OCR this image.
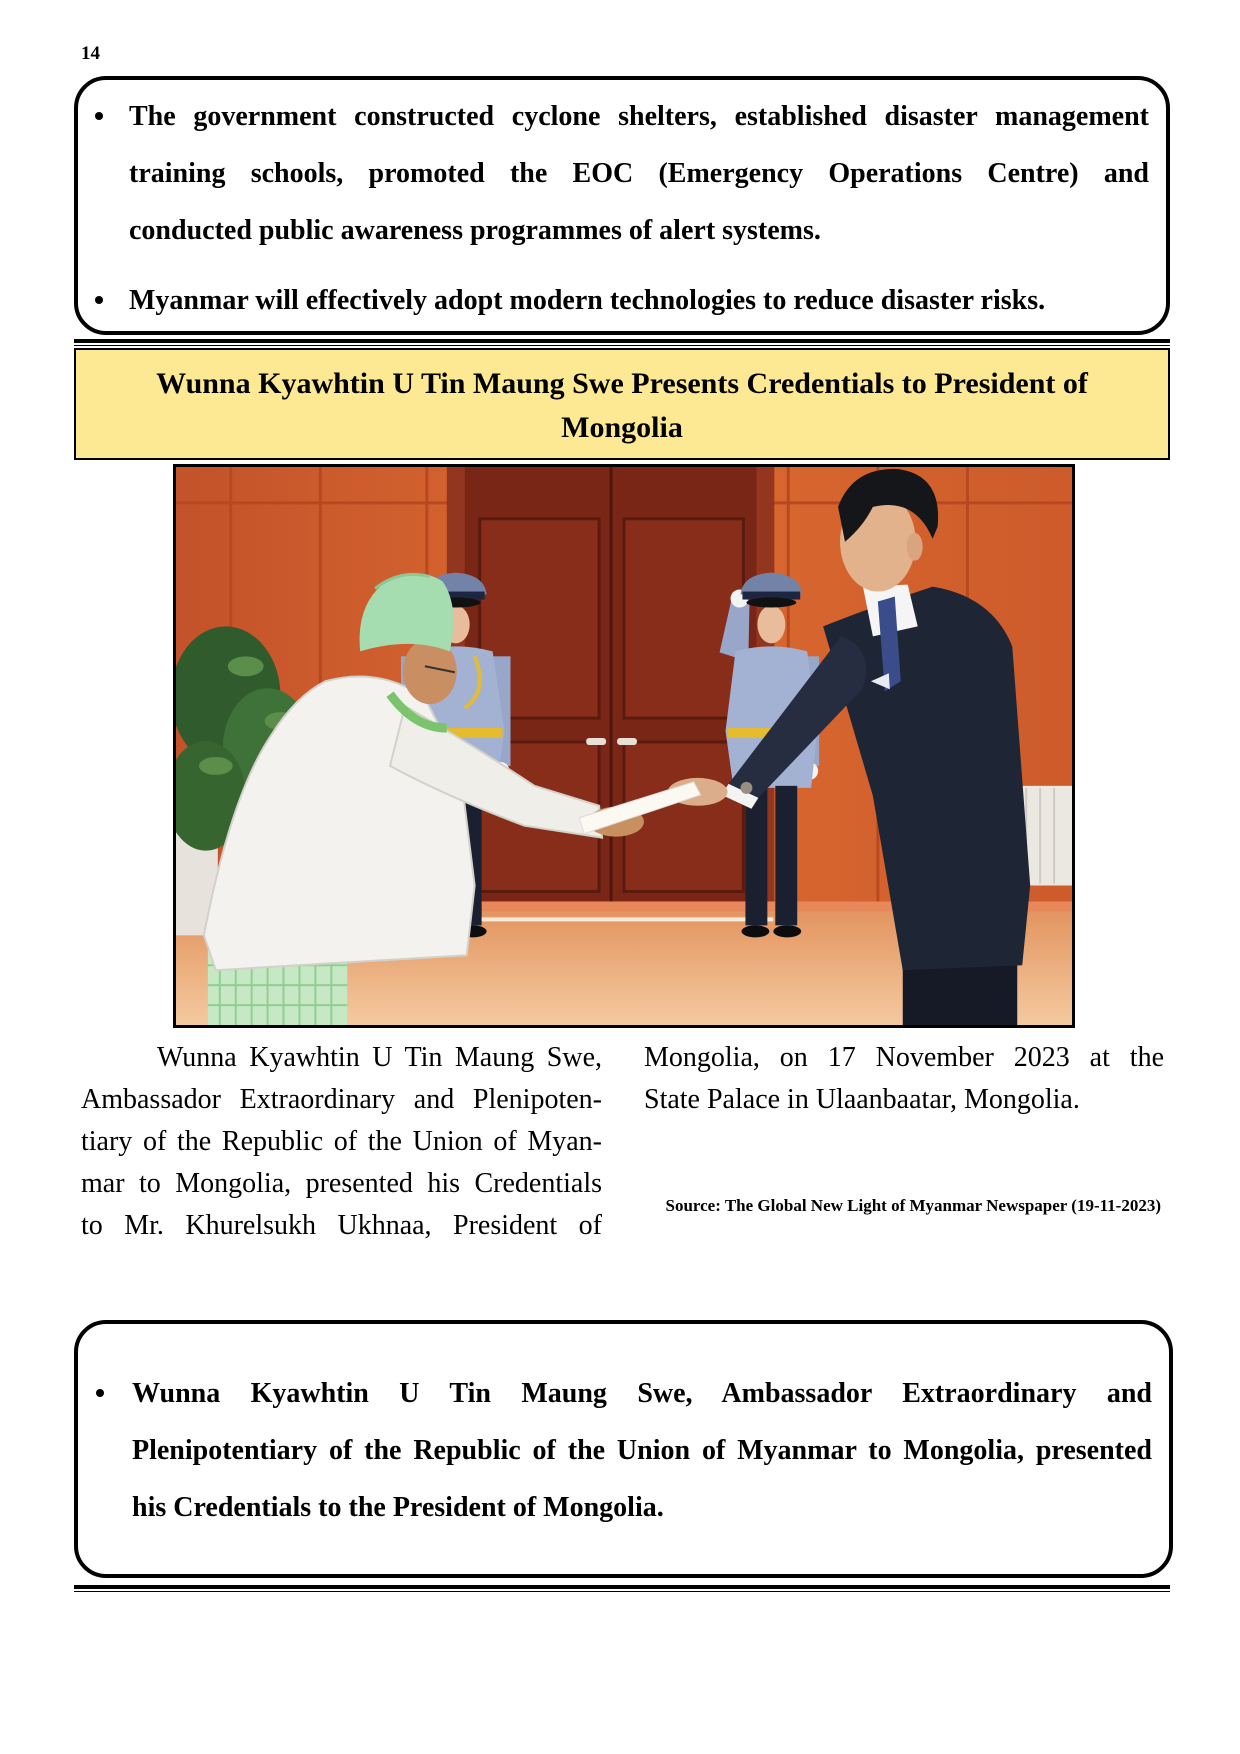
14
The government constructed cyclone shelters, established disaster management
training schools, promoted the EOC (Emergency Operations Centre) and
conducted public awareness programmes of alert systems.
Myanmar will effectively adopt modern technologies to reduce disaster risks.
Wunna Kyawhtin U Tin Maung Swe Presents Credentials to President of
Mongolia
Wunna Kyawhtin U Tin Maung Swe,
Ambassador Extraordinary and Plenipoten-
tiary of the Republic of the Union of Myan-
mar to Mongolia, presented his Credentials
to Mr. Khurelsukh Ukhnaa, President of
Mongolia, on 17 November 2023 at the
State Palace in Ulaanbaatar, Mongolia.
Source: The Global New Light of Myanmar Newspaper (19-11-2023)
Wunna Kyawhtin U Tin Maung Swe, Ambassador Extraordinary and
Plenipotentiary of the Republic of the Union of Myanmar to Mongolia, presented
his Credentials to the President of Mongolia.
